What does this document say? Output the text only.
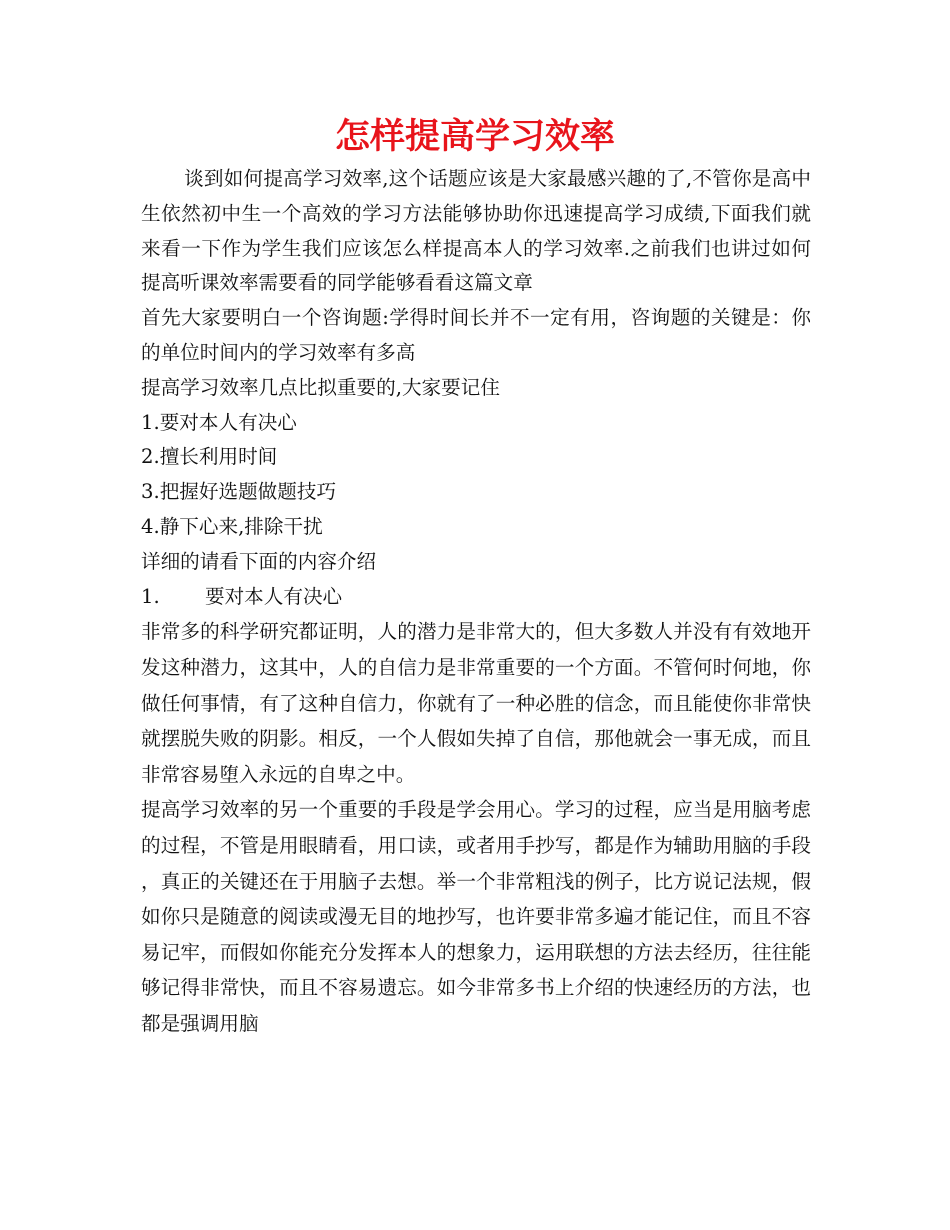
怎样提高学习效率

谈到如何提高学习效率,这个话题应该是大家最感兴趣的了,不管你是高中生依然初中生一个高效的学习方法能够协助你迅速提高学习成绩,下面我们就来看一下作为学生我们应该怎么样提高本人的学习效率.之前我们也讲过如何提高听课效率需要看的同学能够看看这篇文章

首先大家要明白一个咨询题:学得时间长并不一定有用，咨询题的关键是：你的单位时间内的学习效率有多高

提高学习效率几点比拟重要的,大家要记住

1.要对本人有决心

2.擅长利用时间

3.把握好选题做题技巧

4.静下心来,排除干扰

详细的请看下面的内容介绍

1. 要对本人有决心

非常多的科学研究都证明，人的潜力是非常大的，但大多数人并没有有效地开发这种潜力，这其中，人的自信力是非常重要的一个方面。不管何时何地，你做任何事情，有了这种自信力，你就有了一种必胜的信念，而且能使你非常快就摆脱失败的阴影。相反，一个人假如失掉了自信，那他就会一事无成，而且非常容易堕入永远的自卑之中。

提高学习效率的另一个重要的手段是学会用心。学习的过程，应当是用脑考虑的过程，不管是用眼睛看，用口读，或者用手抄写，都是作为辅助用脑的手段，真正的关键还在于用脑子去想。举一个非常粗浅的例子，比方说记法规，假如你只是随意的阅读或漫无目的地抄写，也许要非常多遍才能记住，而且不容易记牢，而假如你能充分发挥本人的想象力，运用联想的方法去经历，往往能够记得非常快，而且不容易遗忘。如今非常多书上介绍的快速经历的方法，也都是强调用脑
